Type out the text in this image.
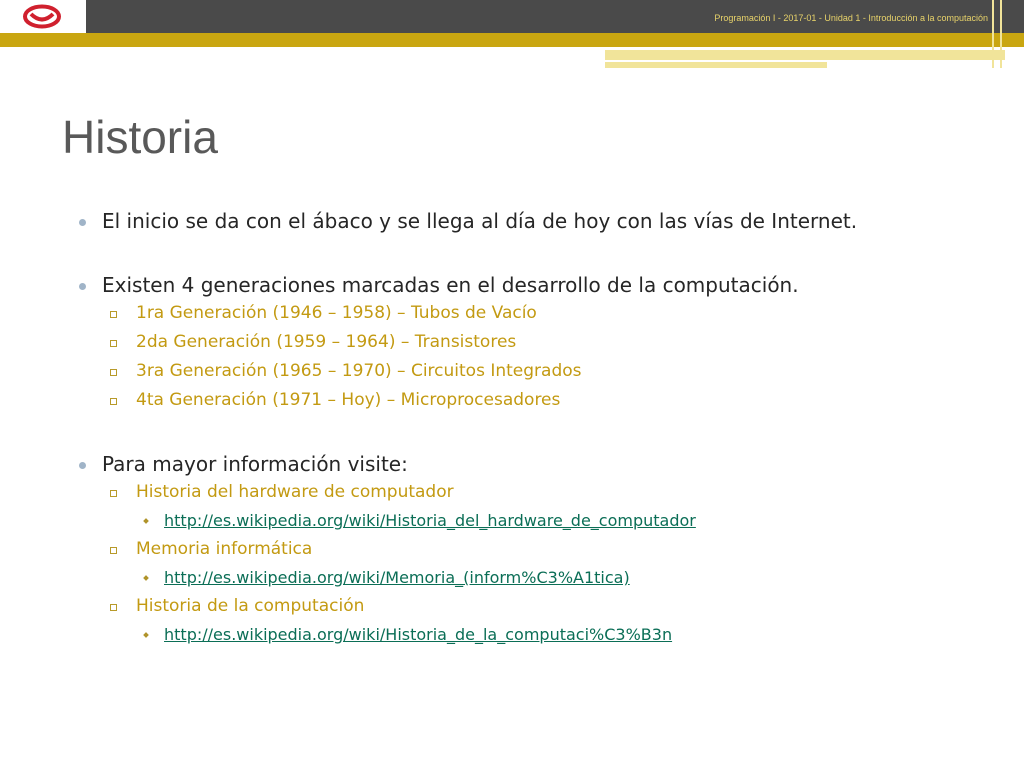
Programación I - 2017-01 - Unidad 1 - Introducción a la computación
Historia
El inicio se da con el ábaco y se llega al día de hoy con las vías de Internet.
Existen 4 generaciones marcadas en el desarrollo de la computación.
1ra Generación (1946 – 1958) – Tubos de Vacío
2da Generación (1959 – 1964) – Transistores
3ra Generación (1965 – 1970) – Circuitos Integrados
4ta Generación (1971 – Hoy) – Microprocesadores
Para mayor información visite:
Historia del hardware de computador
http://es.wikipedia.org/wiki/Historia_del_hardware_de_computador
Memoria informática
http://es.wikipedia.org/wiki/Memoria_(inform%C3%A1tica)
Historia de la computación
http://es.wikipedia.org/wiki/Historia_de_la_computaci%C3%B3n
